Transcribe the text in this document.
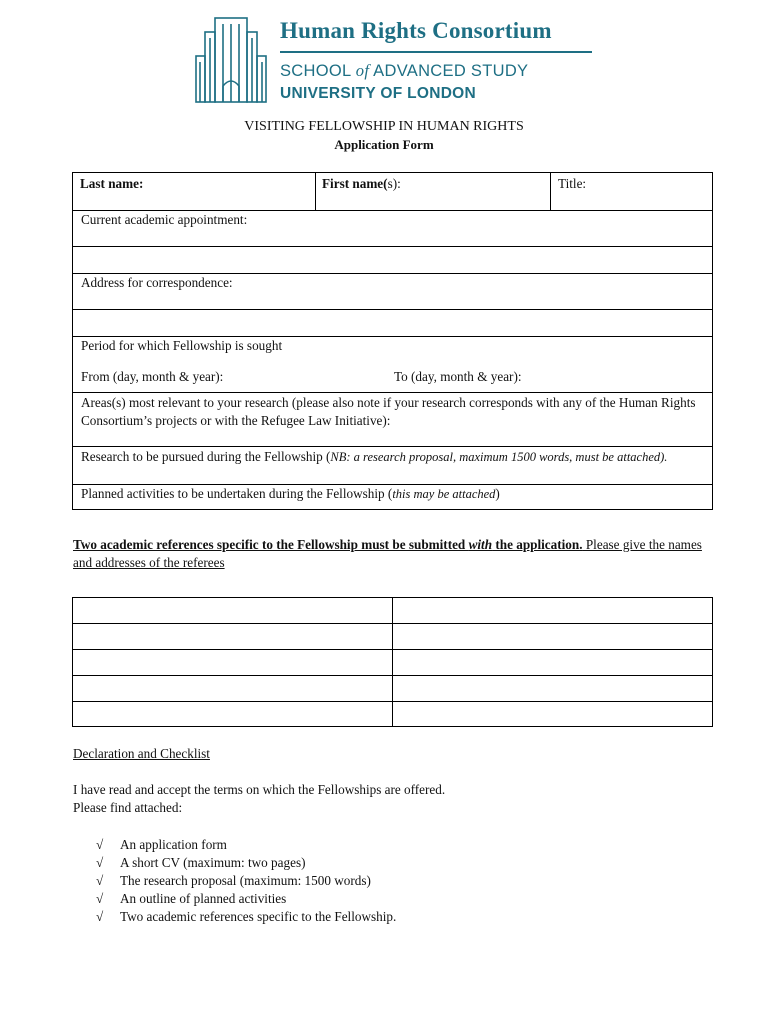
Human Rights Consortium
SCHOOL of ADVANCED STUDY
UNIVERSITY OF LONDON
VISITING FELLOWSHIP IN HUMAN RIGHTS
Application Form
Last name:	First name(s):	Title:
Current academic appointment:
Address for correspondence:
Period for which Fellowship is sought
From (day, month & year):	To (day, month & year):
Areas(s) most relevant to your research (please also note if your research corresponds with any of the Human Rights Consortium’s projects or with the Refugee Law Initiative):
Research to be pursued during the Fellowship (NB: a research proposal, maximum 1500 words, must be attached).
Planned activities to be undertaken during the Fellowship (this may be attached)
Two academic references specific to the Fellowship must be submitted with the application. Please give the names and addresses of the referees
Declaration and Checklist
I have read and accept the terms on which the Fellowships are offered.
Please find attached:
√	An application form
√	A short CV (maximum: two pages)
√	The research proposal (maximum: 1500 words)
√	An outline of planned activities
√	Two academic references specific to the Fellowship.
